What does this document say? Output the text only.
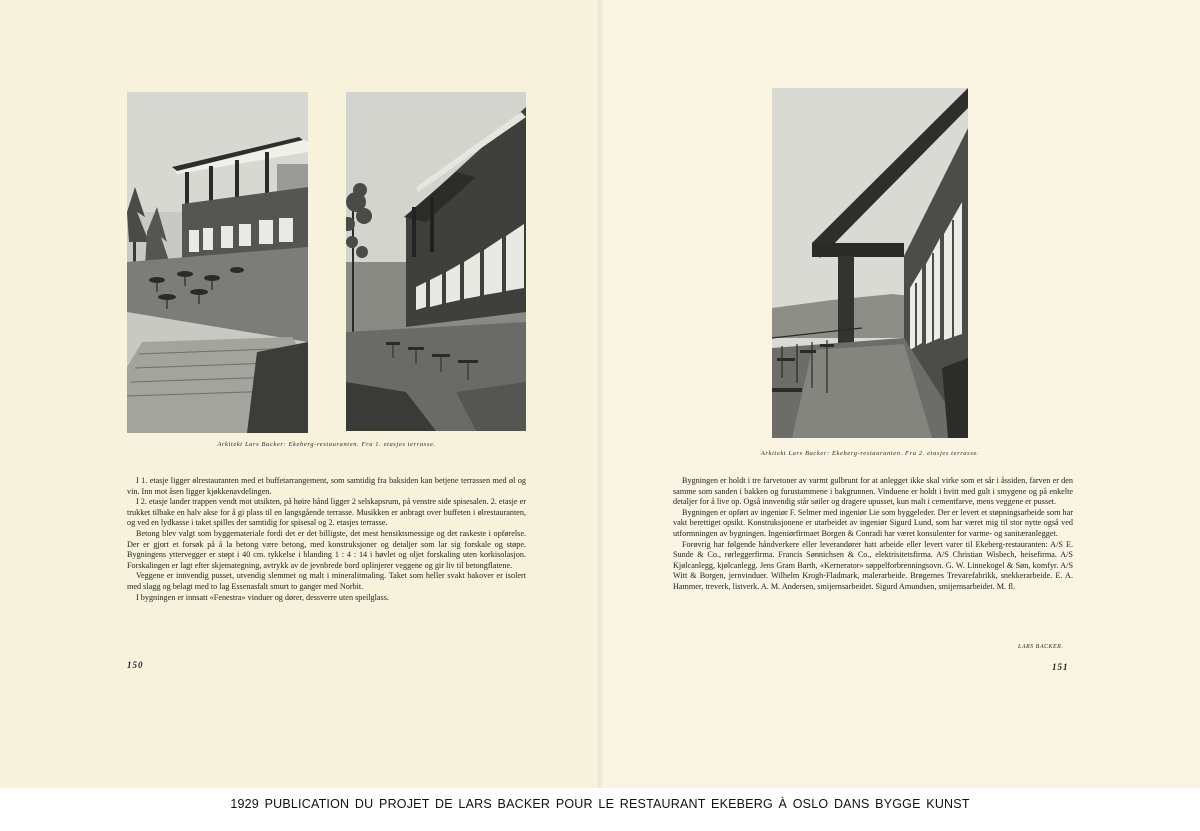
Arkitekt Lars Backer: Ekeberg-restauranten. Fra 1. etasjes terrasse.

I 1. etasje ligger ølrestauranten med et buffetarrangement, som samtidig fra baksiden kan betjene terrassen med øl og vin. Inn mot åsen ligger kjøkkenavdelingen.

I 2. etasje lander trappen vendt mot utsikten, på høire hånd ligger 2 selskapsrum, på venstre side spisesalen. 2. etasje er trukket tilbake en halv akse for å gi plass til en langsgående terrasse. Musikken er anbragt over buffeten i ølrestauranten, og ved en lydkasse i taket spilles der samtidig for spisesal og 2. etasjes terrasse.

Betong blev valgt som byggemateriale fordi det er det billigste, det mest hensiktsmessige og det raskeste i opførelse. Der er gjort et forsøk på å la betong være betong, med konstruksjoner og detaljer som lar sig forskale og støpe. Bygningens yttervegger er støpt i 40 cm. tykkelse i blanding 1 : 4 : 14 i høvlet og oljet forskaling uten korkisolasjon. Forskalingen er lagt efter skjemategning, avtrykk av de jevnbrede bord oplinjerer veggene og gir liv til betongflatene.

Veggene er innvendig pusset, utvendig slemmet og malt i mineralitmaling. Taket som heller svakt bakover er isolert med slagg og belagt med to lag Essenasfalt smurt to ganger med Norbit.

I bygningen er innsatt «Fenestra» vinduer og dører, dessverre uten speilglass.

150
Arkitekt Lars Backer: Ekeberg-restauranten. Fra 2. etasjes terrasse.

Bygningen er holdt i tre farvetoner av varmt gulbrunt for at anlegget ikke skal virke som et sår i åssiden, farven er den samme som sanden i bakken og furustammene i bakgrunnen. Vinduene er holdt i hvitt med gult i smygene og på enkelte detaljer for å live op. Også innvendig står søiler og dragere upusset, kun malt i cementfarve, mens veggene er pusset.

Bygningen er opført av ingeniør F. Selmer med ingeniør Lie som byggeleder. Der er levert et støpningsarbeide som har vakt berettiget opsikt. Konstruksjonene er utarbeidet av ingeniør Sigurd Lund, som har været mig til stor nytte også ved utformningen av bygningen. Ingeniørfirmaet Borgen & Conradi har været konsulenter for varme- og sanitæranlegget.

Forøvrig har følgende håndverkere eller leverandører hatt arbeide eller levert varer til Ekeberg-restauranten: A/S E. Sunde & Co., rørleggerfirma. Francis Sønnichsen & Co., elektrisitetsfirma. A/S Christian Wisbech, heisefirma. A/S Kjølcanlegg, kjølcanlegg. Jens Gram Barth, «Kernerator» søppelforbrenningsovn. G. W. Linnekogel & Søn, komfyr. A/S Witt & Borgen, jernvinduer. Wilhelm Krogh-Fladmark, malerarbeide. Brøgernes Trevarefabrikk, snekkerarbeide. E. A. Hammer, treverk, listverk. A. M. Andersen, smijernsarbeidet. Sigurd Amundsen, smijernsarbeidet. M. fl.

LARS BACKER.
151
1929 PUBLICATION DU PROJET DE LARS BACKER POUR LE RESTAURANT EKEBERG À OSLO DANS BYGGE KUNST
